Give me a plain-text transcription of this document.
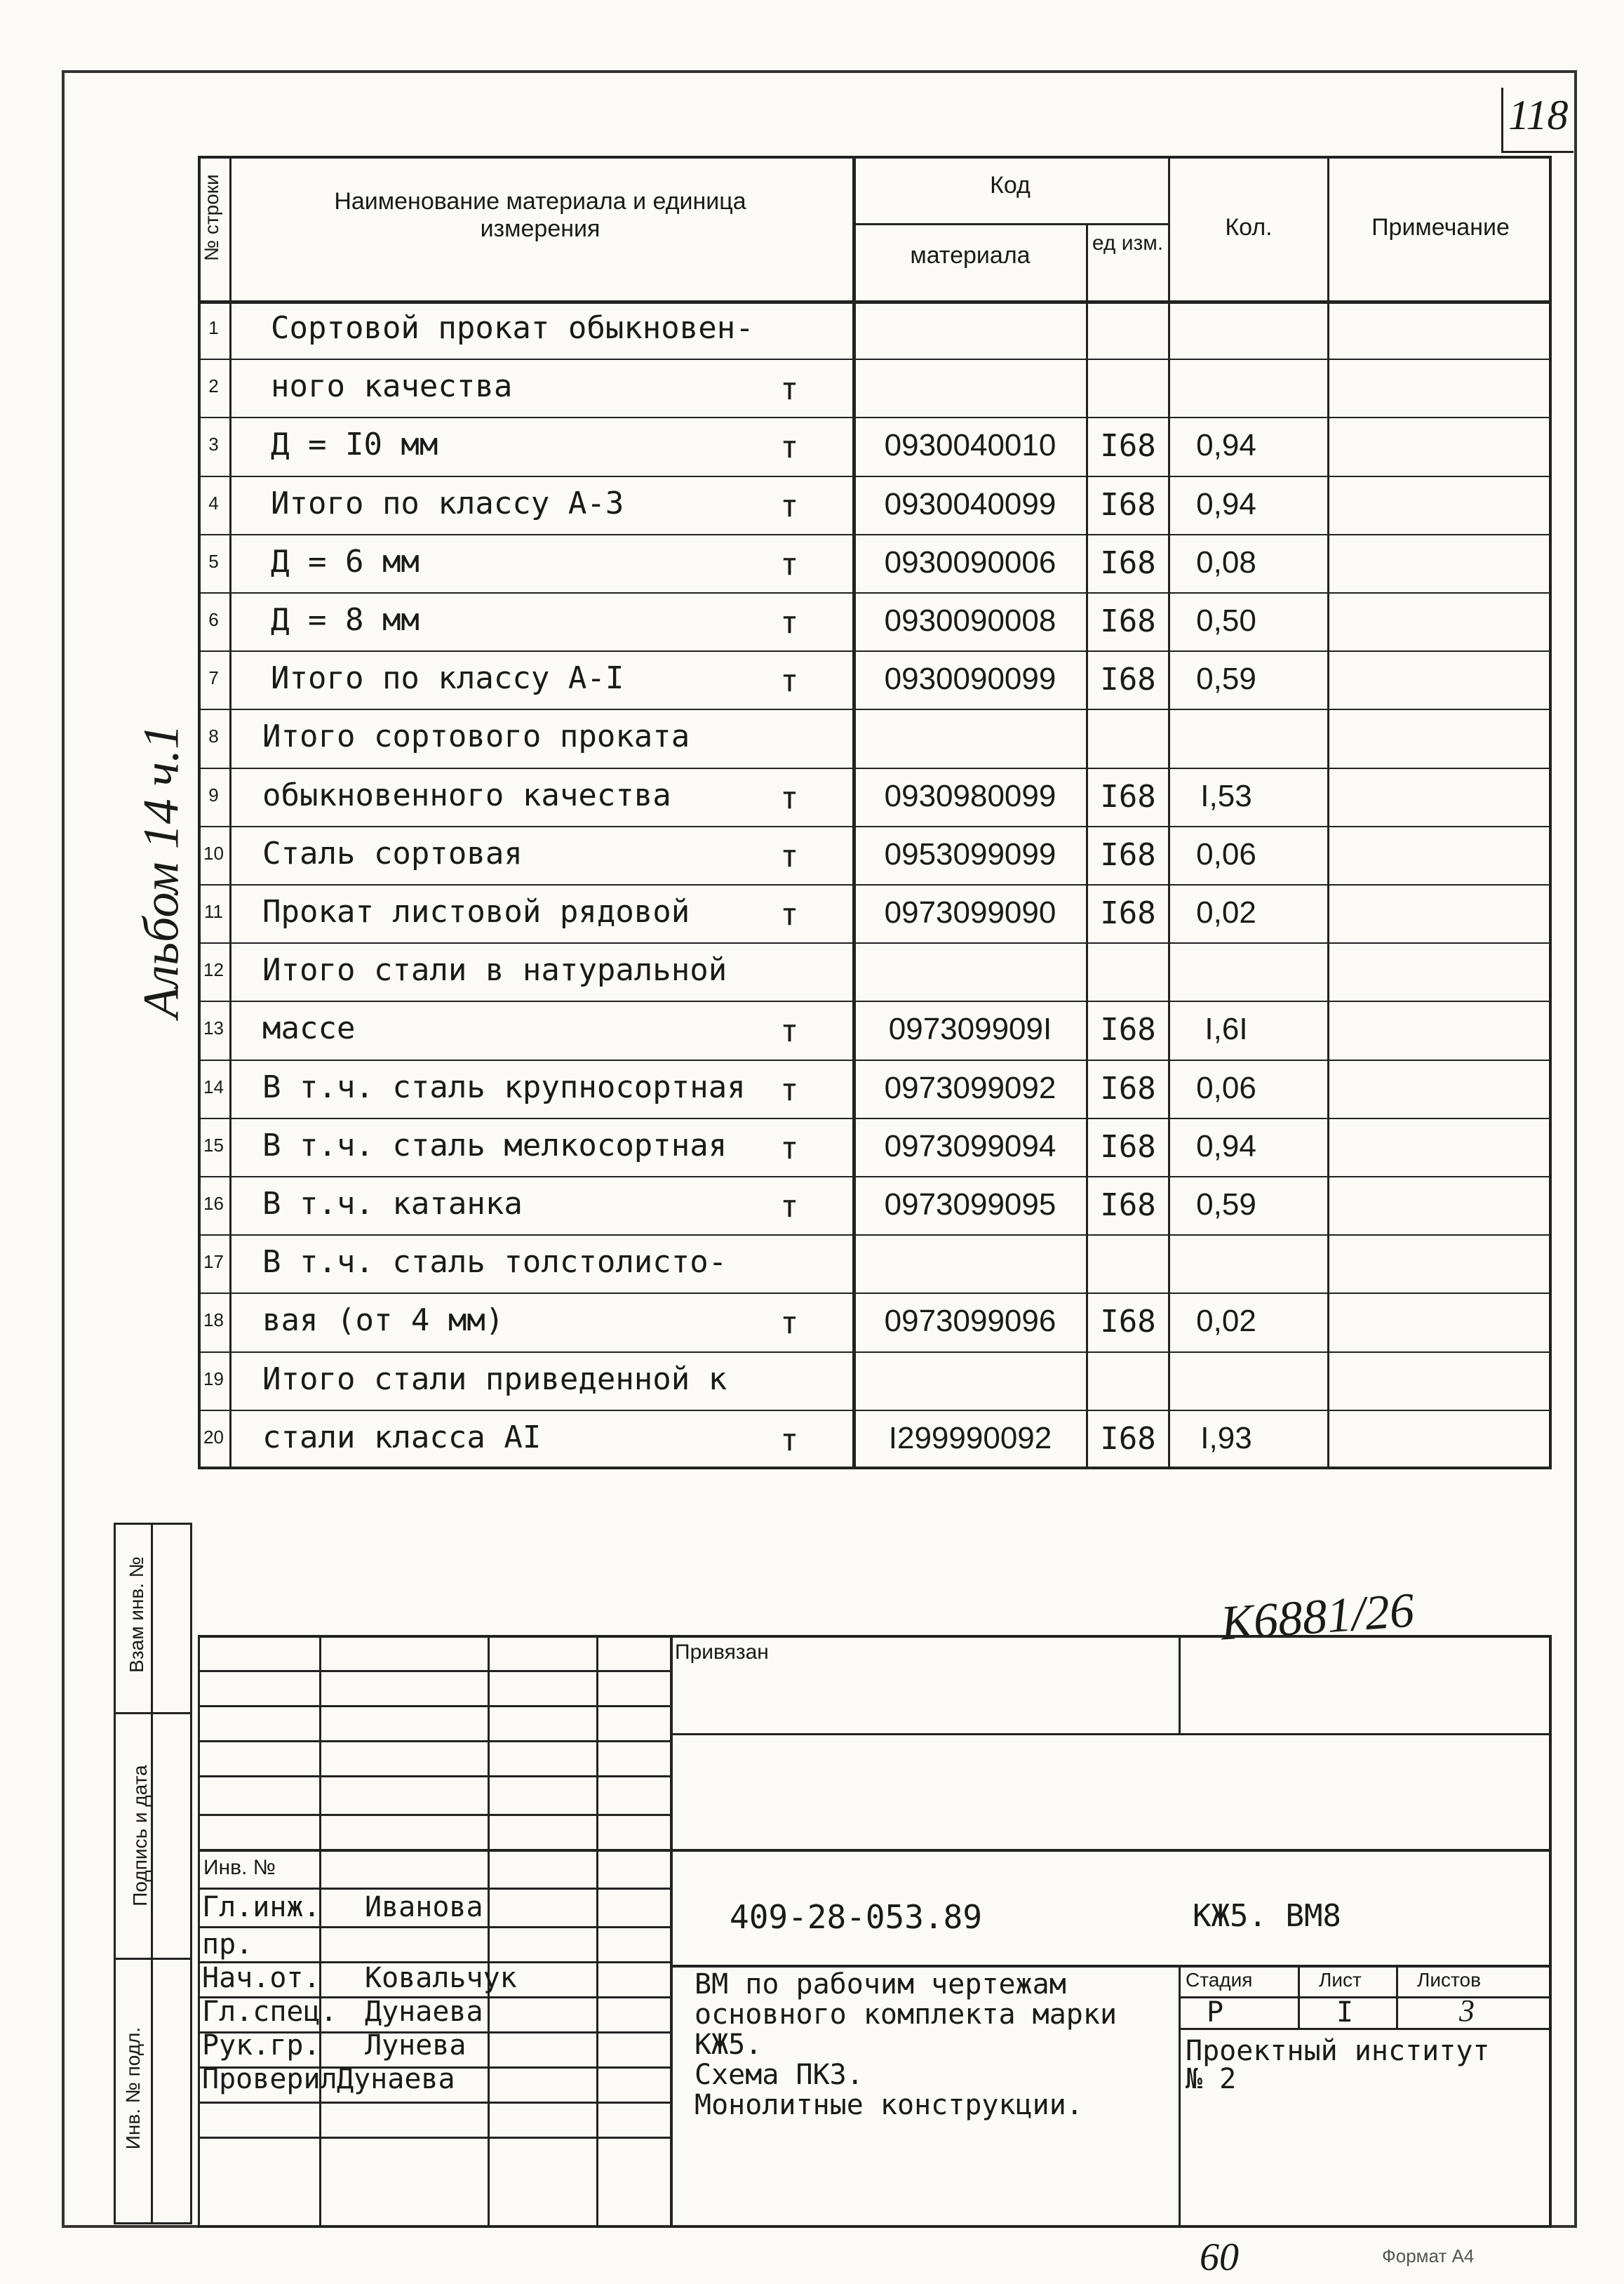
118
Альбом 14 ч.1
№ строки	Наименование материала и единица измерения
Код
материала	ед изм.
Кол.	Примечание
1	Сортовой прокат обыкновен-
2	ного качества	т
3	Д = I0 мм	т	0930040010	I68	0,94
4	Итого по классу А-3	т	0930040099	I68	0,94
5	Д = 6 мм	т	0930090006	I68	0,08
6	Д = 8 мм	т	0930090008	I68	0,50
7	Итого по классу А-I	т	0930090099	I68	0,59
8	Итого сортового проката
9	обыкновенного качества	т	0930980099	I68	I,53
10 Сталь сортовая	т	0953099099	I68	0,06
11 Прокат листовой рядовой	т	0973099090	I68	0,02
12 Итого стали в натуральной
13 массе	т	097309909I	I68	I,6I
14 В т.ч. сталь крупносортная т	0973099092	I68	0,06
15 В т.ч. сталь мелкосортная т	0973099094	I68	0,94
16 В т.ч. катанка	т	0973099095	I68	0,59
17 В т.ч. сталь толстолисто-
18 вая (от 4 мм)	т	0973099096	I68	0,02
19 Итого стали приведенной к
20 стали класса АI	т	I299990092	I68	I,93
Взам инв. №
Подпись и дата
Инв. № подл.
K6881/26
Привязан
Инв. №
Гл.инж. Иванова
пр.
Нач.от. Ковальчук
Гл.спец. Дунаева
Рук.гр. Лунева
Проверил Дунаева
409-28-053.89	КЖ5. ВМ8
ВМ по рабочим чертежам
основного комплекта марки
КЖ5.
Схема ПК3.
Монолитные конструкции.
Стадия	Лист	Листов
Р	I	3
Проектный институт
№ 2
60	Формат А4
